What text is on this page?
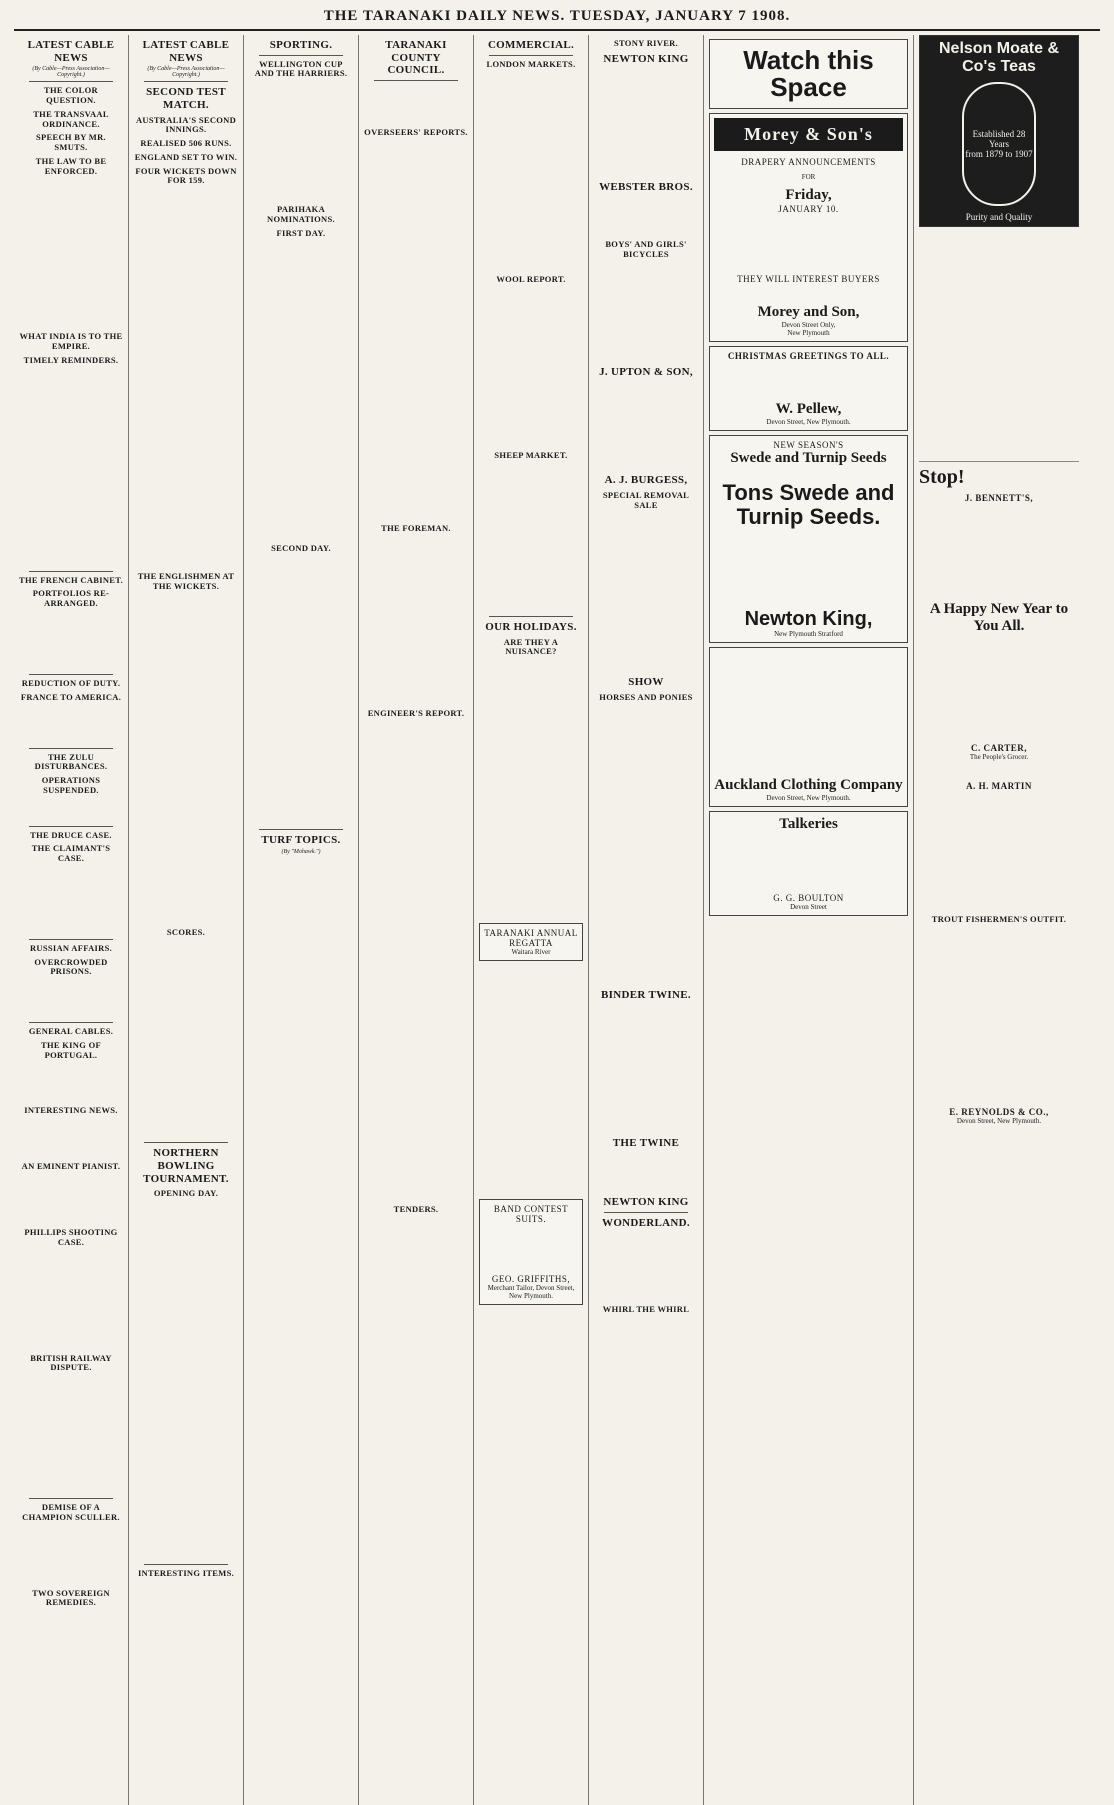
THE TARANAKI DAILY NEWS. TUESDAY, JANUARY 7 1908.
LATEST CABLE NEWS
(By Cable—Press Association—Copyright.)
THE COLOR QUESTION.
THE TRANSVAAL ORDINANCE.
SPEECH BY MR. SMUTS.
THE LAW TO BE ENFORCED.
WHAT INDIA IS TO THE EMPIRE.
TIMELY REMINDERS.
THE FRENCH CABINET.
PORTFOLIOS RE-ARRANGED.
REDUCTION OF DUTY.
FRANCE TO AMERICA.
THE ZULU DISTURBANCES.
OPERATIONS SUSPENDED.
THE DRUCE CASE.
THE CLAIMANT'S CASE.
RUSSIAN AFFAIRS.
OVERCROWDED PRISONS.
GENERAL CABLES.
THE KING OF PORTUGAL.
INTERESTING NEWS.
AN EMINENT PIANIST.
PHILLIPS SHOOTING CASE.
BRITISH RAILWAY DISPUTE.
DEMISE OF A CHAMPION SCULLER.
TWO SOVEREIGN REMEDIES.
LATEST CABLE NEWS
(By Cable—Press Association—Copyright.)
SECOND TEST MATCH.
AUSTRALIA'S SECOND INNINGS.
REALISED 506 RUNS.
ENGLAND SET TO WIN.
FOUR WICKETS DOWN FOR 159.
THE ENGLISHMEN AT THE WICKETS.
SCORES.
NORTHERN BOWLING TOURNAMENT.
OPENING DAY.
INTERESTING ITEMS.
SPORTING.
WELLINGTON CUP AND THE HARRIERS.
PARIHAKA NOMINATIONS.
FIRST DAY.
SECOND DAY.
TURF TOPICS.
(By "Mohawk.")
TARANAKI COUNTY COUNCIL.
OVERSEERS' REPORTS.
THE FOREMAN.
ENGINEER'S REPORT.
TENDERS.
COMMERCIAL.
LONDON MARKETS.
WOOL REPORT.
SHEEP MARKET.
OUR HOLIDAYS.
ARE THEY A NUISANCE?
TARANAKI ANNUAL REGATTA
Waitara River
BAND CONTEST SUITS.
GEO. GRIFFITHS,
Merchant Tailor, Devon Street, New Plymouth.
STONY RIVER.
NEWTON KING
WEBSTER BROS.
BOYS' AND GIRLS' BICYCLES
J. UPTON & SON,
A. J. BURGESS,
SPECIAL REMOVAL SALE
SHOW
HORSES AND PONIES
BINDER TWINE.
THE TWINE
NEWTON KING
WONDERLAND.
WHIRL THE WHIRL
Watch this Space
Morey & Son's
DRAPERY ANNOUNCEMENTS
FOR
Friday,
JANUARY 10.
THEY WILL INTEREST BUYERS
Morey and Son,
Devon Street Only,
New Plymouth
CHRISTMAS GREETINGS TO ALL.
W. Pellew,
Devon Street, New Plymouth.
NEW SEASON'S
Swede and Turnip Seeds
Tons Swede and Turnip Seeds.
Newton King,
New Plymouth Stratford
Auckland Clothing Company
Devon Street, New Plymouth.
Talkeries
G. G. BOULTON
Devon Street
Nelson Moate & Co's Teas
Established 28 Years
from 1879 to 1907
Purity and Quality
Stop!
J. BENNETT'S,
A Happy New Year to You All.
C. CARTER,
The People's Grocer.
A. H. MARTIN
TROUT FISHERMEN'S OUTFIT.
E. REYNOLDS & CO.,
Devon Street, New Plymouth.
